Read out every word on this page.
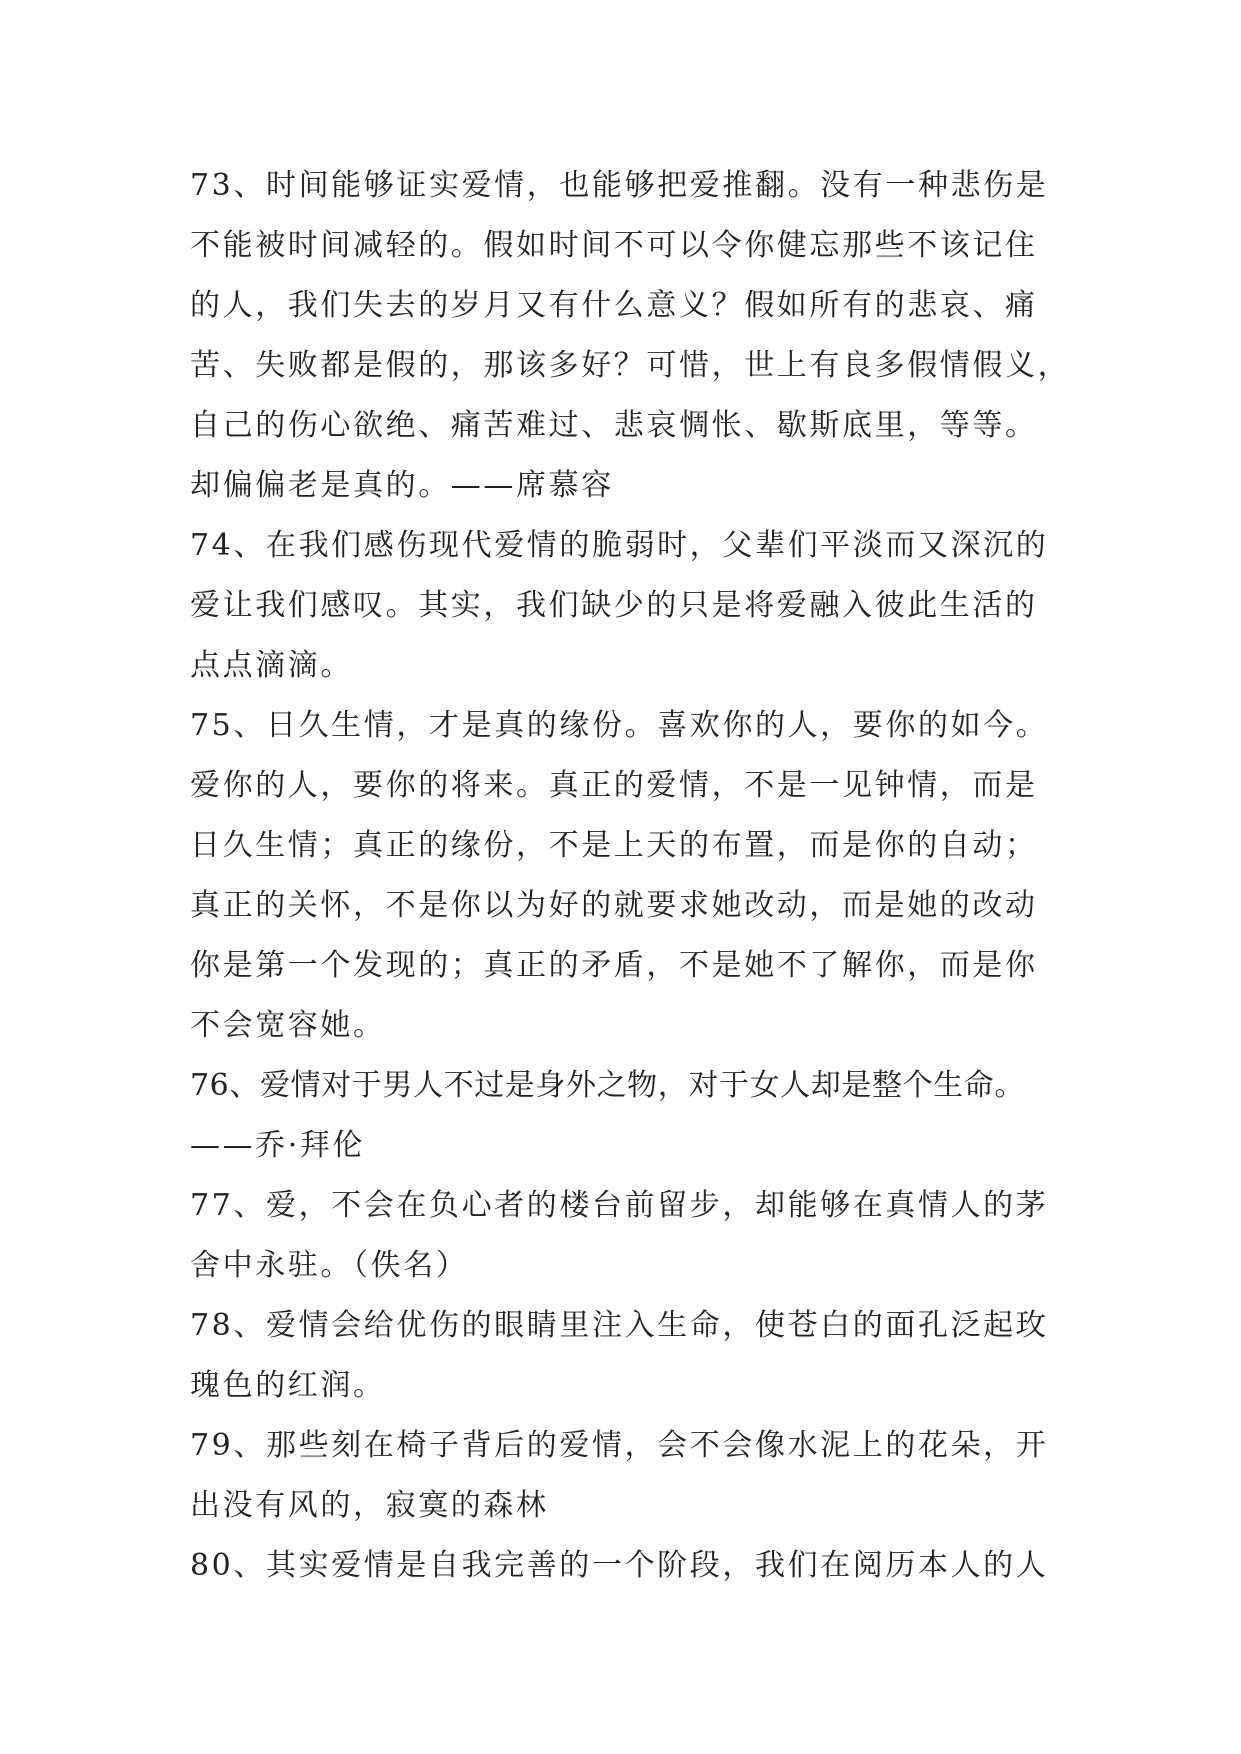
73、时间能够证实爱情，也能够把爱推翻。没有一种悲伤是
不能被时间减轻的。假如时间不可以令你健忘那些不该记住
的人，我们失去的岁月又有什么意义？假如所有的悲哀、痛
苦、失败都是假的，那该多好？可惜，世上有良多假情假义，
自己的伤心欲绝、痛苦难过、悲哀惆怅、歇斯底里，等等。
却偏偏老是真的。——席慕容
74、在我们感伤现代爱情的脆弱时，父辈们平淡而又深沉的
爱让我们感叹。其实，我们缺少的只是将爱融入彼此生活的
点点滴滴。
75、日久生情，才是真的缘份。喜欢你的人，要你的如今。
爱你的人，要你的将来。真正的爱情，不是一见钟情，而是
日久生情；真正的缘份，不是上天的布置，而是你的自动；
真正的关怀，不是你以为好的就要求她改动，而是她的改动
你是第一个发现的；真正的矛盾，不是她不了解你，而是你
不会宽容她。
76、爱情对于男人不过是身外之物，对于女人却是整个生命。
——乔·拜伦
77、爱，不会在负心者的楼台前留步，却能够在真情人的茅
舍中永驻。（佚名）
78、爱情会给优伤的眼睛里注入生命，使苍白的面孔泛起玫
瑰色的红润。
79、那些刻在椅子背后的爱情，会不会像水泥上的花朵，开
出没有风的，寂寞的森林
80、其实爱情是自我完善的一个阶段，我们在阅历本人的人
